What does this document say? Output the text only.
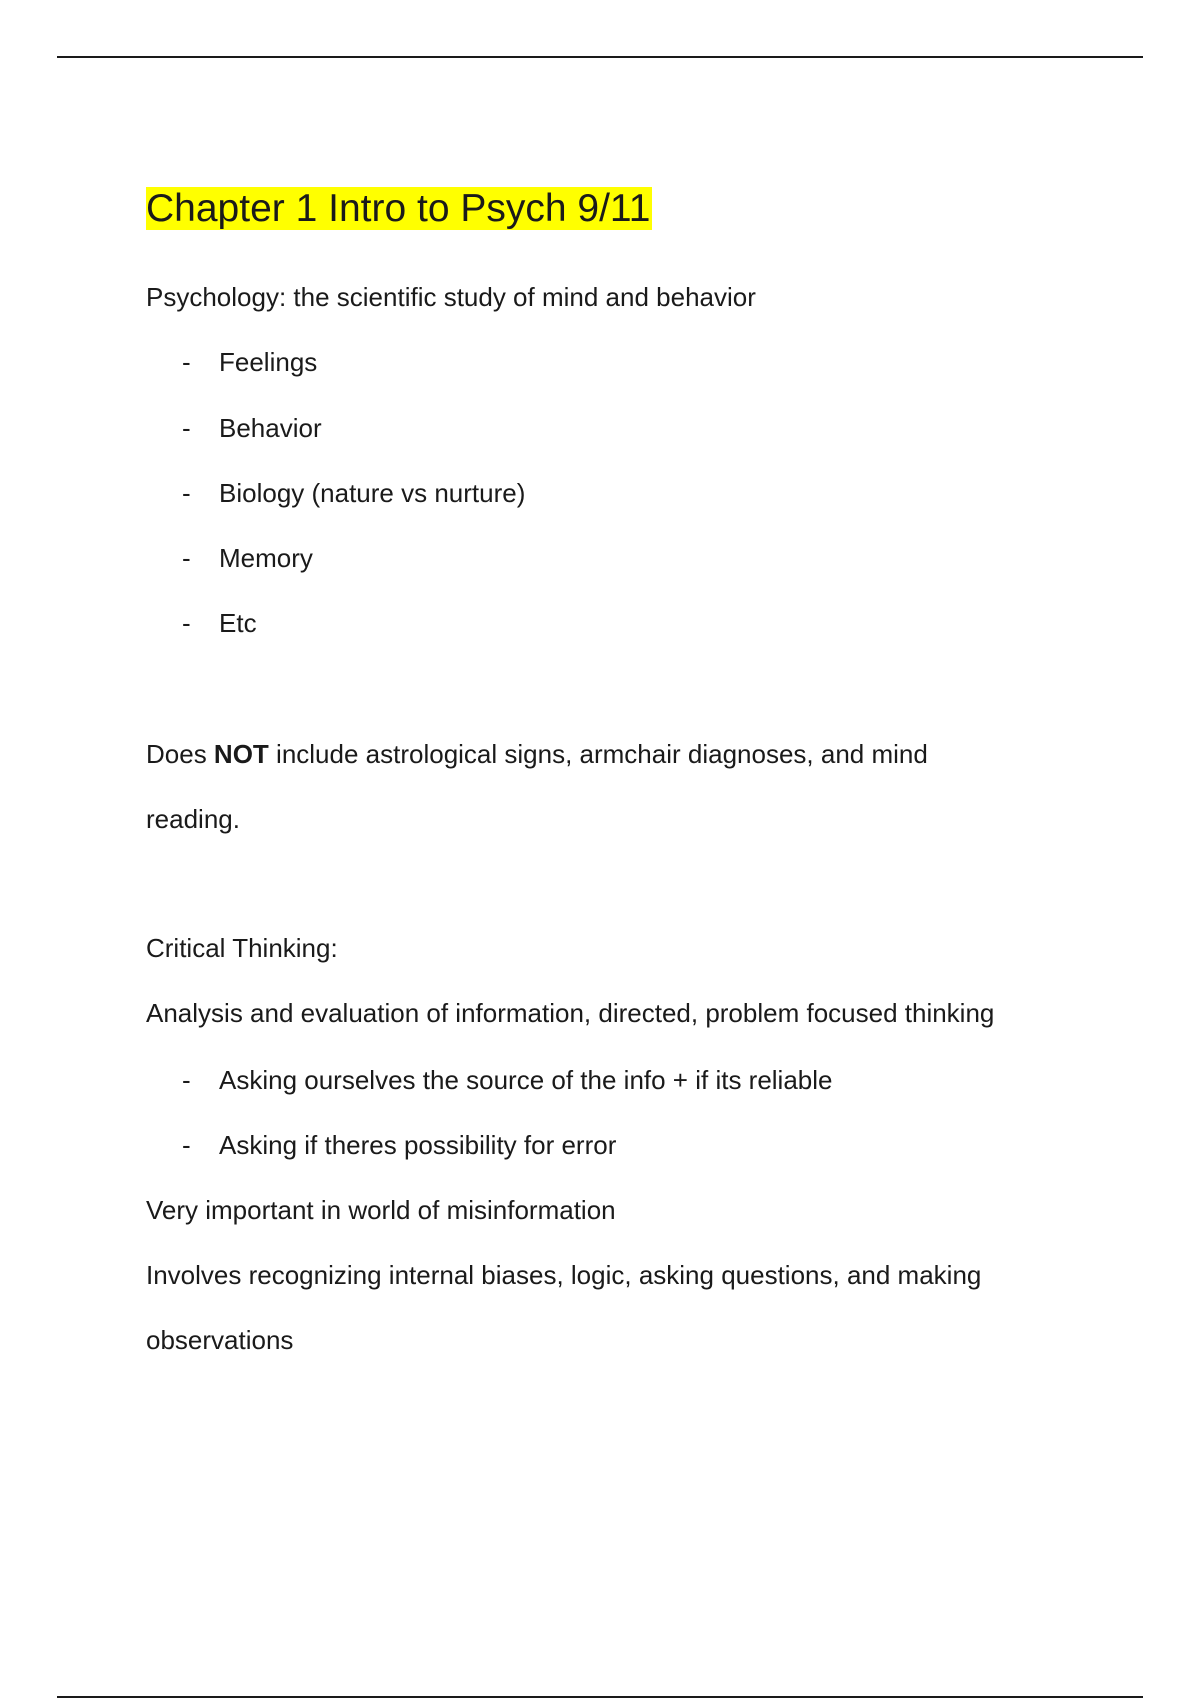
Chapter 1 Intro to Psych 9/11
Psychology: the scientific study of mind and behavior
- Feelings
- Behavior
- Biology (nature vs nurture)
- Memory
- Etc
Does NOT include astrological signs, armchair diagnoses, and mind
reading.
Critical Thinking:
Analysis and evaluation of information, directed, problem focused thinking
- Asking ourselves the source of the info + if its reliable
- Asking if theres possibility for error
Very important in world of misinformation
Involves recognizing internal biases, logic, asking questions, and making
observations
